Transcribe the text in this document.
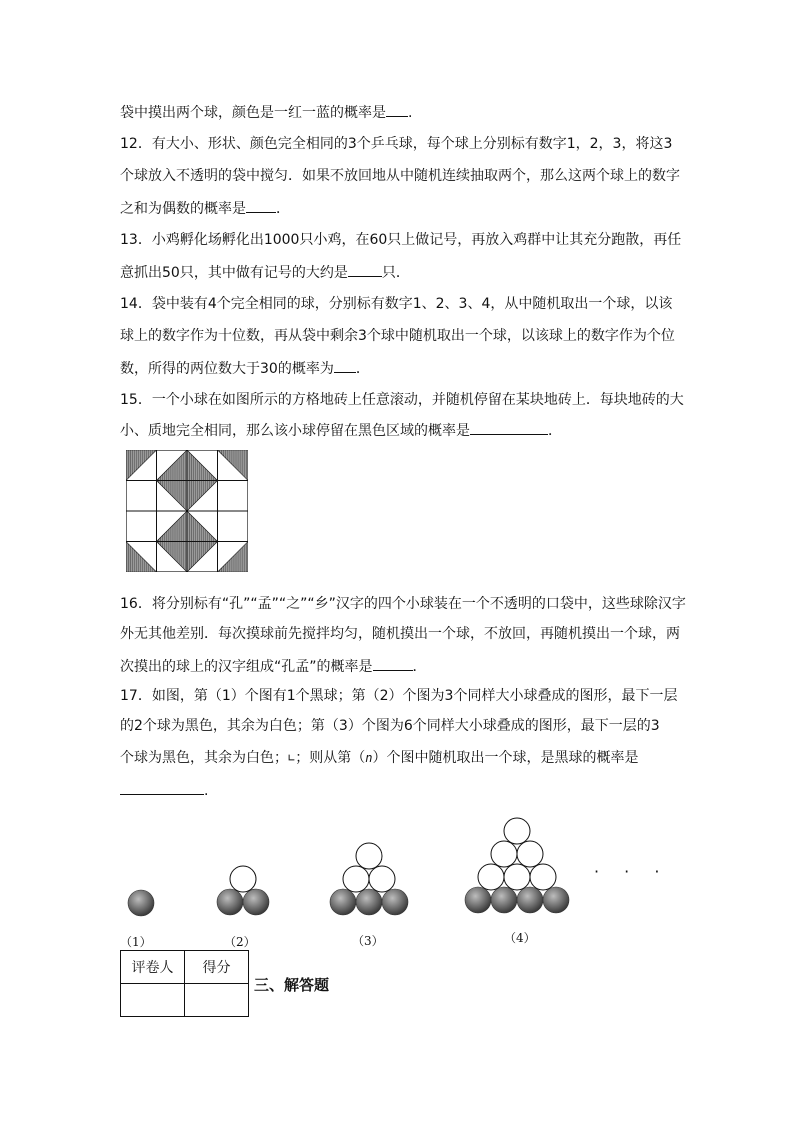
袋中摸出两个球，颜色是一红一蓝的概率是 .
12．有大小、形状、颜色完全相同的3个乒乓球，每个球上分别标有数字1，2，3，将这3
个球放入不透明的袋中搅匀．如果不放回地从中随机连续抽取两个，那么这两个球上的数字
之和为偶数的概率是 ．
13．小鸡孵化场孵化出1000只小鸡，在60只上做记号，再放入鸡群中让其充分跑散，再任
意抓出50只，其中做有记号的大约是 只．
14．袋中装有4个完全相同的球，分别标有数字1、2、3、4，从中随机取出一个球，以该
球上的数字作为十位数，再从袋中剩余3个球中随机取出一个球，以该球上的数字作为个位
数，所得的两位数大于30的概率为 ．
15．一个小球在如图所示的方格地砖上任意滚动，并随机停留在某块地砖上．每块地砖的大
小、质地完全相同，那么该小球停留在黑色区域的概率是	．
16．将分别标有“孔”“孟”“之”“乡”汉字的四个小球装在一个不透明的口袋中，这些球除汉字
外无其他差别．每次摸球前先搅拌均匀，随机摸出一个球，不放回，再随机摸出一个球，两
次摸出的球上的汉字组成“孔孟”的概率是	．
17．如图，第（1）个图有1个黑球；第（2）个图为3个同样大小球叠成的图形，最下一层
的2个球为黑色，其余为白色；第（3）个图为6个同样大小球叠成的图形，最下一层的3
个球为黑色，其余为白色；∟；则从第（n）个图中随机取出一个球，是黑球的概率是
.
· · ·
（1）	（2）	（3）	（4）
评卷人	得分

三、解答题
